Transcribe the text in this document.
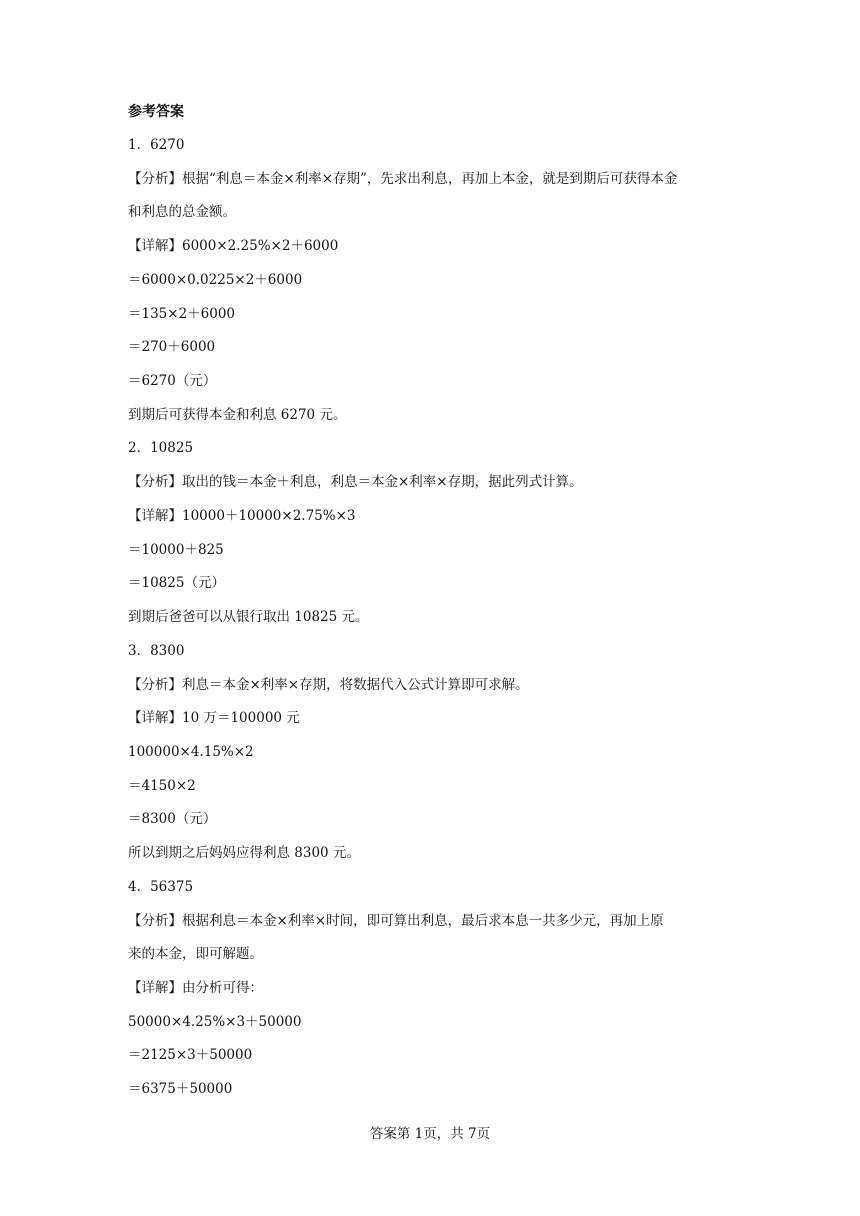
参考答案
1．6270
【分析】根据“利息＝本金×利率×存期”，先求出利息，再加上本金，就是到期后可获得本金
和利息的总金额。
【详解】6000×2.25%×2＋6000
＝6000×0.0225×2＋6000
＝135×2＋6000
＝270＋6000
＝6270（元）
到期后可获得本金和利息 6270 元。
2．10825
【分析】取出的钱＝本金＋利息，利息＝本金×利率×存期，据此列式计算。
【详解】10000＋10000×2.75%×3
＝10000＋825
＝10825（元）
到期后爸爸可以从银行取出 10825 元。
3．8300
【分析】利息＝本金×利率×存期，将数据代入公式计算即可求解。
【详解】10 万＝100000 元
100000×4.15%×2
＝4150×2
＝8300（元）
所以到期之后妈妈应得利息 8300 元。
4．56375
【分析】根据利息＝本金×利率×时间，即可算出利息，最后求本息一共多少元，再加上原
来的本金，即可解题。
【详解】由分析可得：
50000×4.25%×3＋50000
＝2125×3＋50000
＝6375＋50000
答案第 1页，共 7页
